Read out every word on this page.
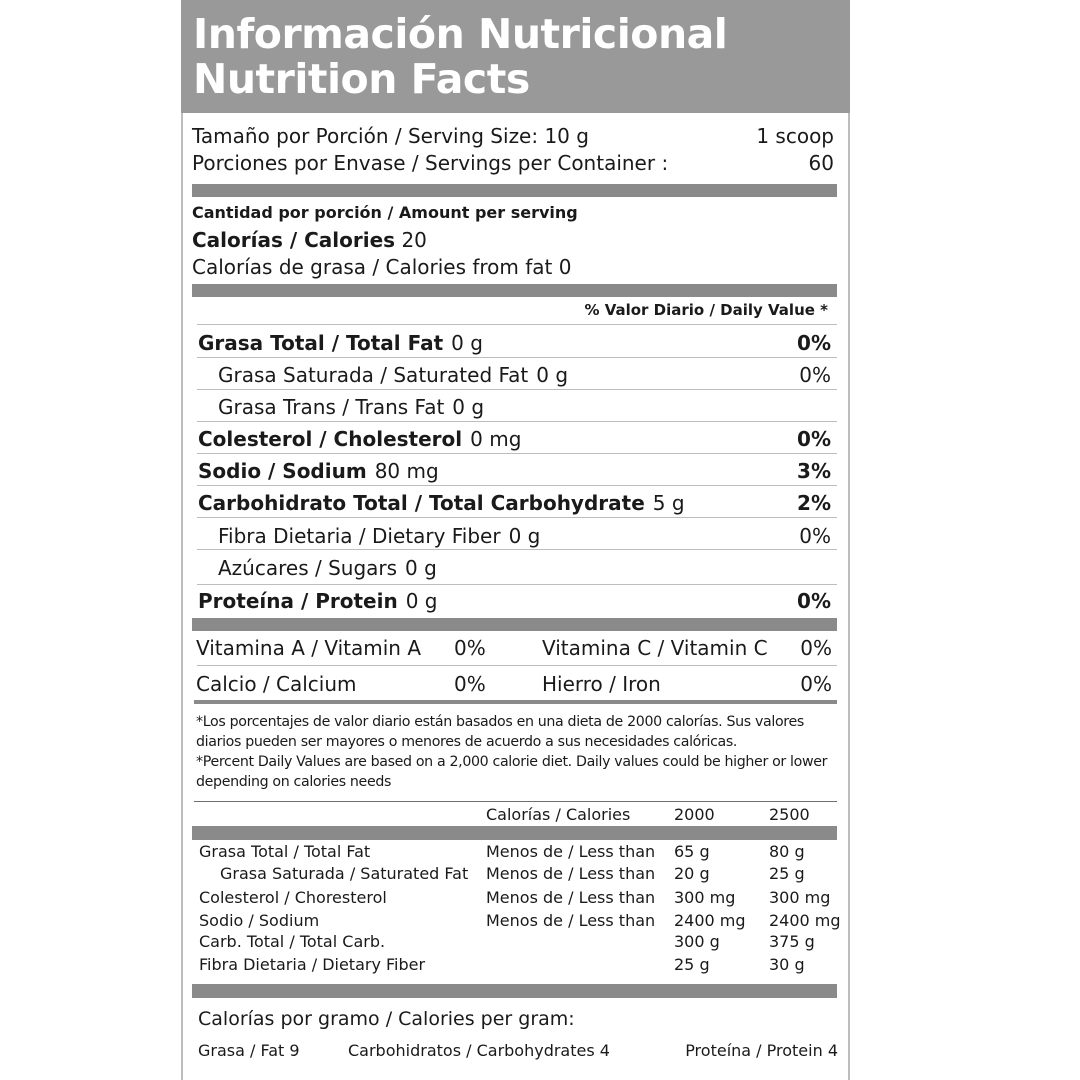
Información Nutricional
Nutrition Facts
Tamaño por Porción / Serving Size: 10 g	1 scoop
Porciones por Envase / Servings per Container :	60
Cantidad por porción / Amount per serving
Calorías / Calories 20
Calorías de grasa / Calories from fat 0
% Valor Diario / Daily Value *
Grasa Total / Total Fat 0 g	0%
Grasa Saturada / Saturated Fat 0 g	0%
Grasa Trans / Trans Fat 0 g
Colesterol / Cholesterol 0 mg	0%
Sodio / Sodium 80 mg	3%
Carbohidrato Total / Total Carbohydrate 5 g	2%
Fibra Dietaria / Dietary Fiber 0 g	0%
Azúcares / Sugars 0 g
Proteína / Protein 0 g	0%
Vitamina A / Vitamin A 0%	Vitamina C / Vitamin C 0%
Calcio / Calcium	0%	Hierro / Iron	0%
*Los porcentajes de valor diario están basados en una dieta de 2000 calorías. Sus valores
diarios pueden ser mayores o menores de acuerdo a sus necesidades calóricas.
*Percent Daily Values are based on a 2,000 calorie diet. Daily values could be higher or lower
depending on calories needs
Calorías / Calories	2000	2500
Grasa Total / Total Fat	Menos de / Less than 65 g	80 g
Grasa Saturada / Saturated Fat Menos de / Less than 20 g	25 g
Colesterol / Choresterol	Menos de / Less than 300 mg 300 mg
Sodio / Sodium	Menos de / Less than 2400 mg 2400 mg
Carb. Total / Total Carb.	300 g	375 g
Fibra Dietaria / Dietary Fiber	25 g	30 g
Calorías por gramo / Calories per gram:
Grasa / Fat 9	Carbohidratos / Carbohydrates 4	Proteína / Protein 4
